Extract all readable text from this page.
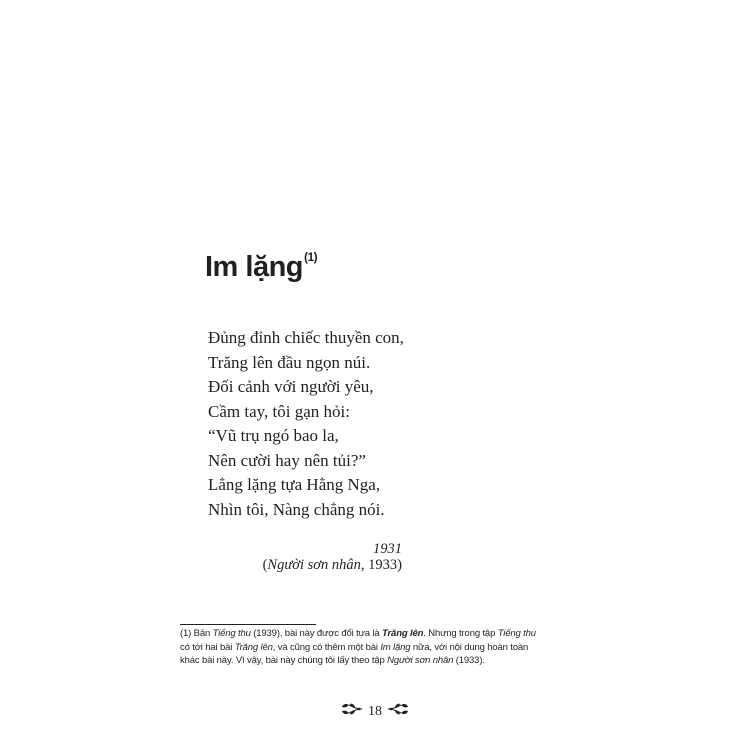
Im lặng$^{(1)}$
Đủng đỉnh chiếc thuyền con,
Trăng lên đầu ngọn núi.
Đối cảnh với người yêu,
Cầm tay, tôi gạn hỏi:
“Vũ trụ ngó bao la,
Nên cười hay nên tủi?”
Lẳng lặng tựa Hằng Nga,
Nhìn tôi, Nàng chẳng nói.
1931
(Người sơn nhân, 1933)
(1) Bản Tiếng thu (1939), bài này được đổi tựa là Trăng lên. Nhưng trong tập Tiếng thu
có tới hai bài Trăng lên, và cũng có thêm một bài Im lặng nữa, với nội dung hoàn toàn
khác bài này. Vì vậy, bài này chúng tôi lấy theo tập Người sơn nhân (1933).
18
